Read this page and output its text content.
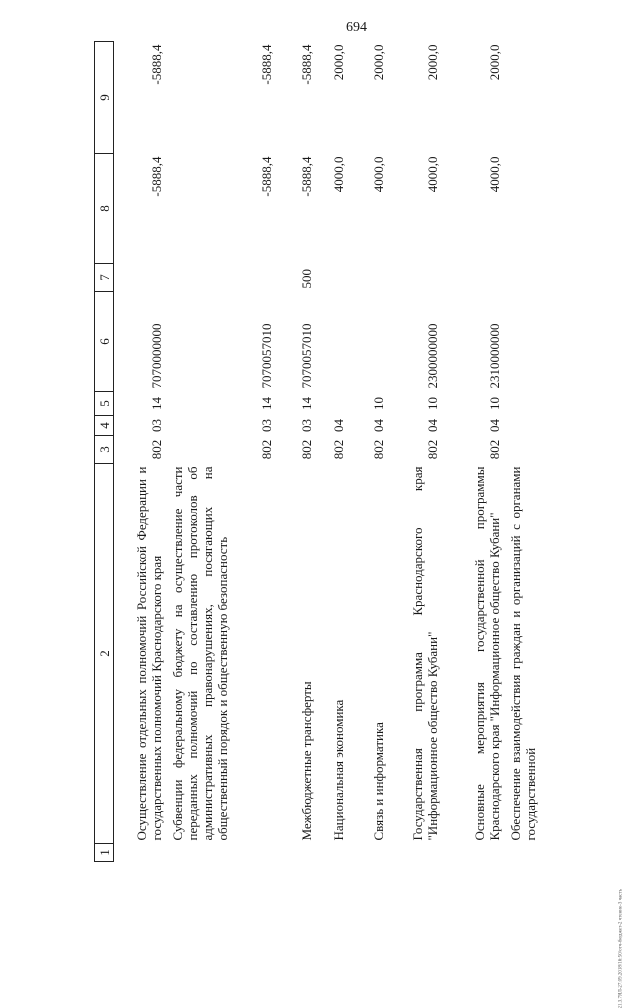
694
1	2	3	4	5	6	7	8	9
	Осуществление отдельных полномочий Российской Федерации и государственных полномочий Краснодарского края	802	03	14	7070000000		-5888,4	-5888,4
	Субвенции федеральному бюджету на осуществление части переданных полномочий по составлению протоколов об административных правонарушениях, посягающих на общественный порядок и общественную безопасность	802	03	14	7070057010		-5888,4	-5888,4
	Межбюджетные трансферты	802	03	14	7070057010	500	-5888,4	-5888,4
	Национальная экономика	802	04				4000,0	2000,0
	Связь и информатика	802	04	10			4000,0	2000,0
	Государственная программа Краснодарского края "Информационное общество Кубани"	802	04	10	2300000000		4000,0	2000,0
	Основные мероприятия государственной программы Краснодарского края "Информационное общество Кубани"	802	04	10	2310000000		4000,0	2000,0
	Обеспечение взаимодействия граждан и организаций с органами государственной							
21.3.7ЯЛ-27.09.2018/16:50/отч-бюджет-2 чтение-3 часть
